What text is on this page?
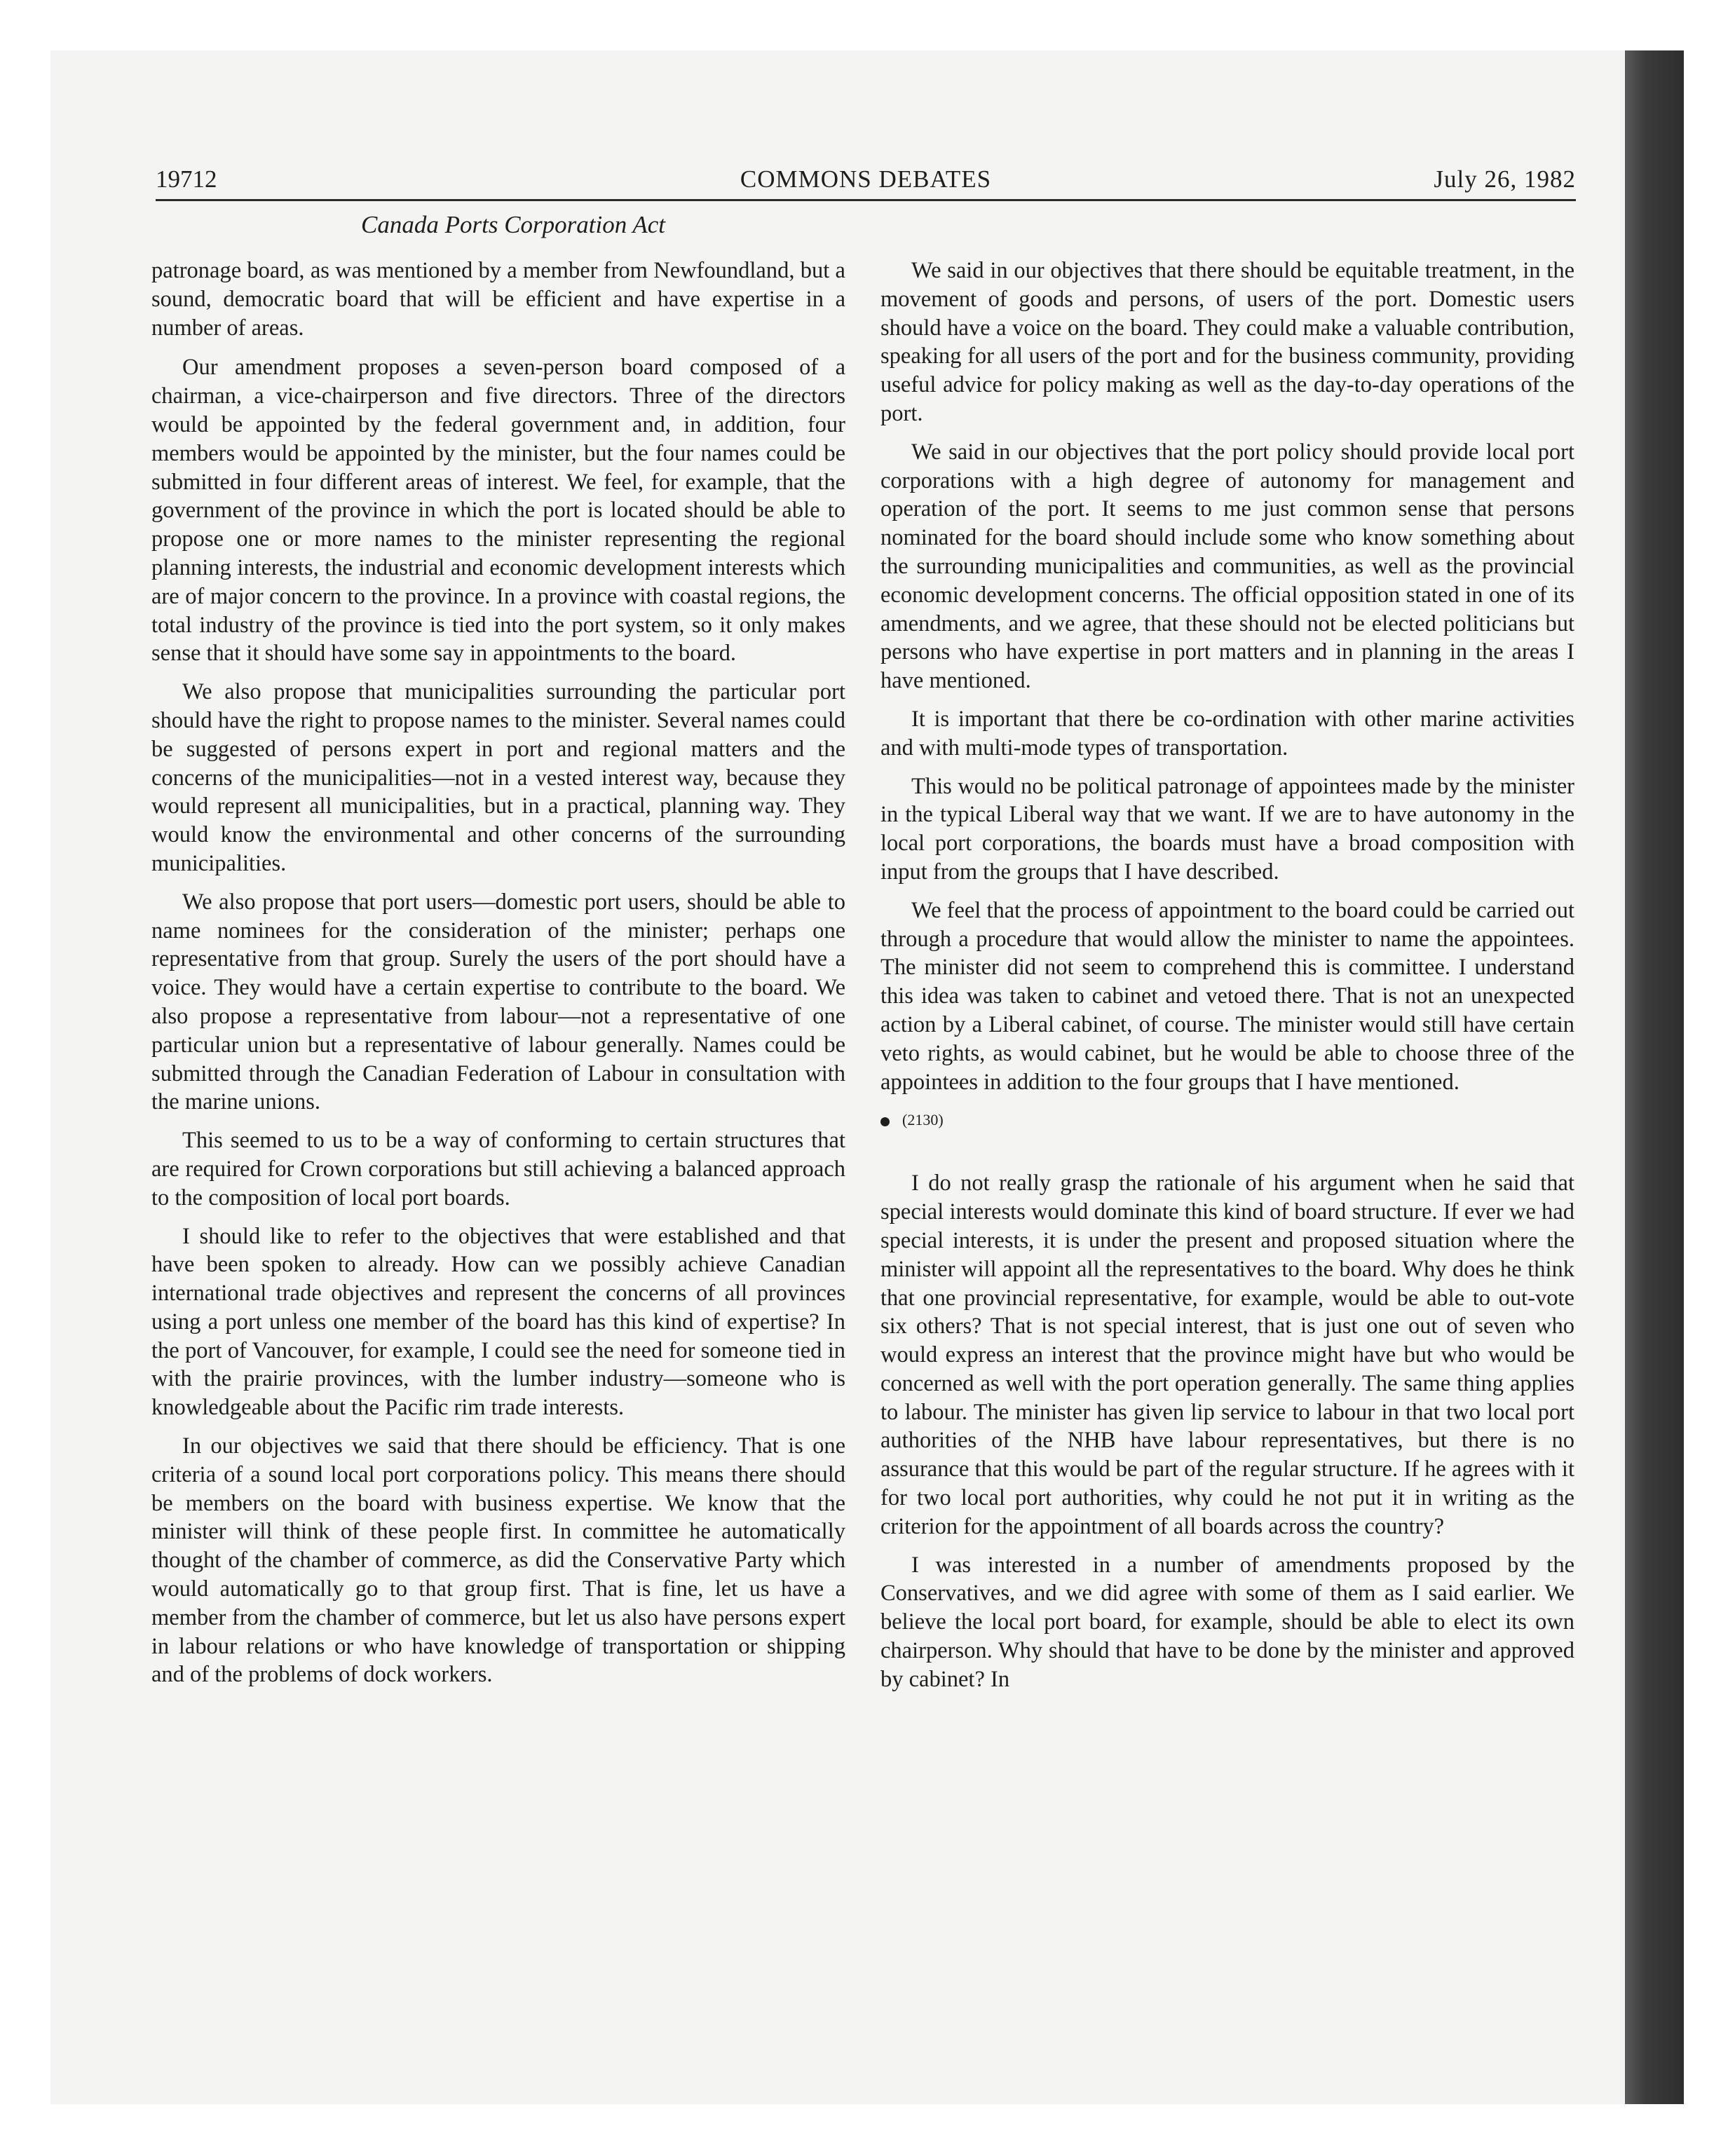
19712	COMMONS DEBATES	July 26, 1982
Canada Ports Corporation Act

patronage board, as was mentioned by a member from Newfoundland, but a sound, democratic board that will be efficient and have expertise in a number of areas.

Our amendment proposes a seven-person board composed of a chairman, a vice-chairperson and five directors. Three of the directors would be appointed by the federal government and, in addition, four members would be appointed by the minister, but the four names could be submitted in four different areas of interest. We feel, for example, that the government of the province in which the port is located should be able to propose one or more names to the minister representing the regional planning interests, the industrial and economic development interests which are of major concern to the province. In a province with coastal regions, the total industry of the province is tied into the port system, so it only makes sense that it should have some say in appointments to the board.

We also propose that municipalities surrounding the particular port should have the right to propose names to the minister. Several names could be suggested of persons expert in port and regional matters and the concerns of the municipalities—not in a vested interest way, because they would represent all municipalities, but in a practical, planning way. They would know the environmental and other concerns of the surrounding municipalities.

We also propose that port users—domestic port users, should be able to name nominees for the consideration of the minister; perhaps one representative from that group. Surely the users of the port should have a voice. They would have a certain expertise to contribute to the board. We also propose a representative from labour—not a representative of one particular union but a representative of labour generally. Names could be submitted through the Canadian Federation of Labour in consultation with the marine unions.

This seemed to us to be a way of conforming to certain structures that are required for Crown corporations but still achieving a balanced approach to the composition of local port boards.

I should like to refer to the objectives that were established and that have been spoken to already. How can we possibly achieve Canadian international trade objectives and represent the concerns of all provinces using a port unless one member of the board has this kind of expertise? In the port of Vancouver, for example, I could see the need for someone tied in with the prairie provinces, with the lumber industry—someone who is knowledgeable about the Pacific rim trade interests.

In our objectives we said that there should be efficiency. That is one criteria of a sound local port corporations policy. This means there should be members on the board with business expertise. We know that the minister will think of these people first. In committee he automatically thought of the chamber of commerce, as did the Conservative Party which would automatically go to that group first. That is fine, let us have a member from the chamber of commerce, but let us also have persons expert in labour relations or who have knowledge of transportation or shipping and of the problems of dock workers.

We said in our objectives that there should be equitable treatment, in the movement of goods and persons, of users of the port. Domestic users should have a voice on the board. They could make a valuable contribution, speaking for all users of the port and for the business community, providing useful advice for policy making as well as the day-to-day operations of the port.

We said in our objectives that the port policy should provide local port corporations with a high degree of autonomy for management and operation of the port. It seems to me just common sense that persons nominated for the board should include some who know something about the surrounding municipalities and communities, as well as the provincial economic development concerns. The official opposition stated in one of its amendments, and we agree, that these should not be elected politicians but persons who have expertise in port matters and in planning in the areas I have mentioned.

It is important that there be co-ordination with other marine activities and with multi-mode types of transportation.

This would no be political patronage of appointees made by the minister in the typical Liberal way that we want. If we are to have autonomy in the local port corporations, the boards must have a broad composition with input from the groups that I have described.

We feel that the process of appointment to the board could be carried out through a procedure that would allow the minister to name the appointees. The minister did not seem to comprehend this is committee. I understand this idea was taken to cabinet and vetoed there. That is not an unexpected action by a Liberal cabinet, of course. The minister would still have certain veto rights, as would cabinet, but he would be able to choose three of the appointees in addition to the four groups that I have mentioned.

(2130)

I do not really grasp the rationale of his argument when he said that special interests would dominate this kind of board structure. If ever we had special interests, it is under the present and proposed situation where the minister will appoint all the representatives to the board. Why does he think that one provincial representative, for example, would be able to out-vote six others? That is not special interest, that is just one out of seven who would express an interest that the province might have but who would be concerned as well with the port operation generally. The same thing applies to labour. The minister has given lip service to labour in that two local port authorities of the NHB have labour representatives, but there is no assurance that this would be part of the regular structure. If he agrees with it for two local port authorities, why could he not put it in writing as the criterion for the appointment of all boards across the country?

I was interested in a number of amendments proposed by the Conservatives, and we did agree with some of them as I said earlier. We believe the local port board, for example, should be able to elect its own chairperson. Why should that have to be done by the minister and approved by cabinet? In
